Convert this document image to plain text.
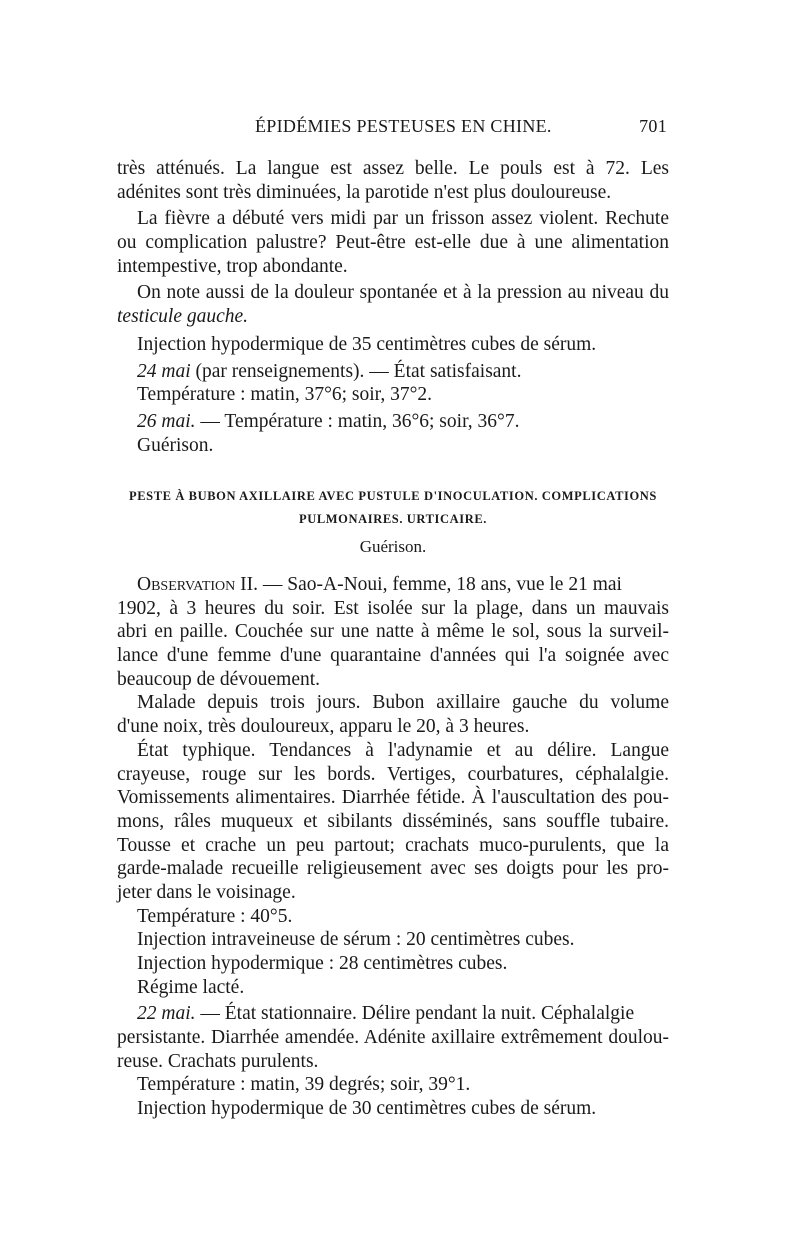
ÉPIDÉMIES PESTEUSES EN CHINE.	701
très atténués. La langue est assez belle. Le pouls est à 72. Les
adénites sont très diminuées, la parotide n'est plus douloureuse.
La fièvre a débuté vers midi par un frisson assez violent. Rechute
ou complication palustre? Peut-être est-elle due à une alimentation
intempestive, trop abondante.
On note aussi de la douleur spontanée et à la pression au niveau du
testicule gauche.
Injection hypodermique de 35 centimètres cubes de sérum.
24 mai (par renseignements). — État satisfaisant.
Température : matin, 37°6; soir, 37°2.
26 mai. — Température : matin, 36°6; soir, 36°7.
Guérison.
PESTE À BUBON AXILLAIRE AVEC PUSTULE D'INOCULATION. COMPLICATIONS
PULMONAIRES. URTICAIRE.
Guérison.
Observation II. — Sao-A-Noui, femme, 18 ans, vue le 21 mai
1902, à 3 heures du soir. Est isolée sur la plage, dans un mauvais
abri en paille. Couchée sur une natte à même le sol, sous la surveil-
lance d'une femme d'une quarantaine d'années qui l'a soignée avec
beaucoup de dévouement.
Malade depuis trois jours. Bubon axillaire gauche du volume
d'une noix, très douloureux, apparu le 20, à 3 heures.
État typhique. Tendances à l'adynamie et au délire. Langue
crayeuse, rouge sur les bords. Vertiges, courbatures, céphalalgie.
Vomissements alimentaires. Diarrhée fétide. À l'auscultation des pou-
mons, râles muqueux et sibilants disséminés, sans souffle tubaire.
Tousse et crache un peu partout; crachats muco-purulents, que la
garde-malade recueille religieusement avec ses doigts pour les pro-
jeter dans le voisinage.
Température : 40°5.
Injection intraveineuse de sérum : 20 centimètres cubes.
Injection hypodermique : 28 centimètres cubes.
Régime lacté.
22 mai. — État stationnaire. Délire pendant la nuit. Céphalalgie
persistante. Diarrhée amendée. Adénite axillaire extrêmement doulou-
reuse. Crachats purulents.
Température : matin, 39 degrés; soir, 39°1.
Injection hypodermique de 30 centimètres cubes de sérum.
